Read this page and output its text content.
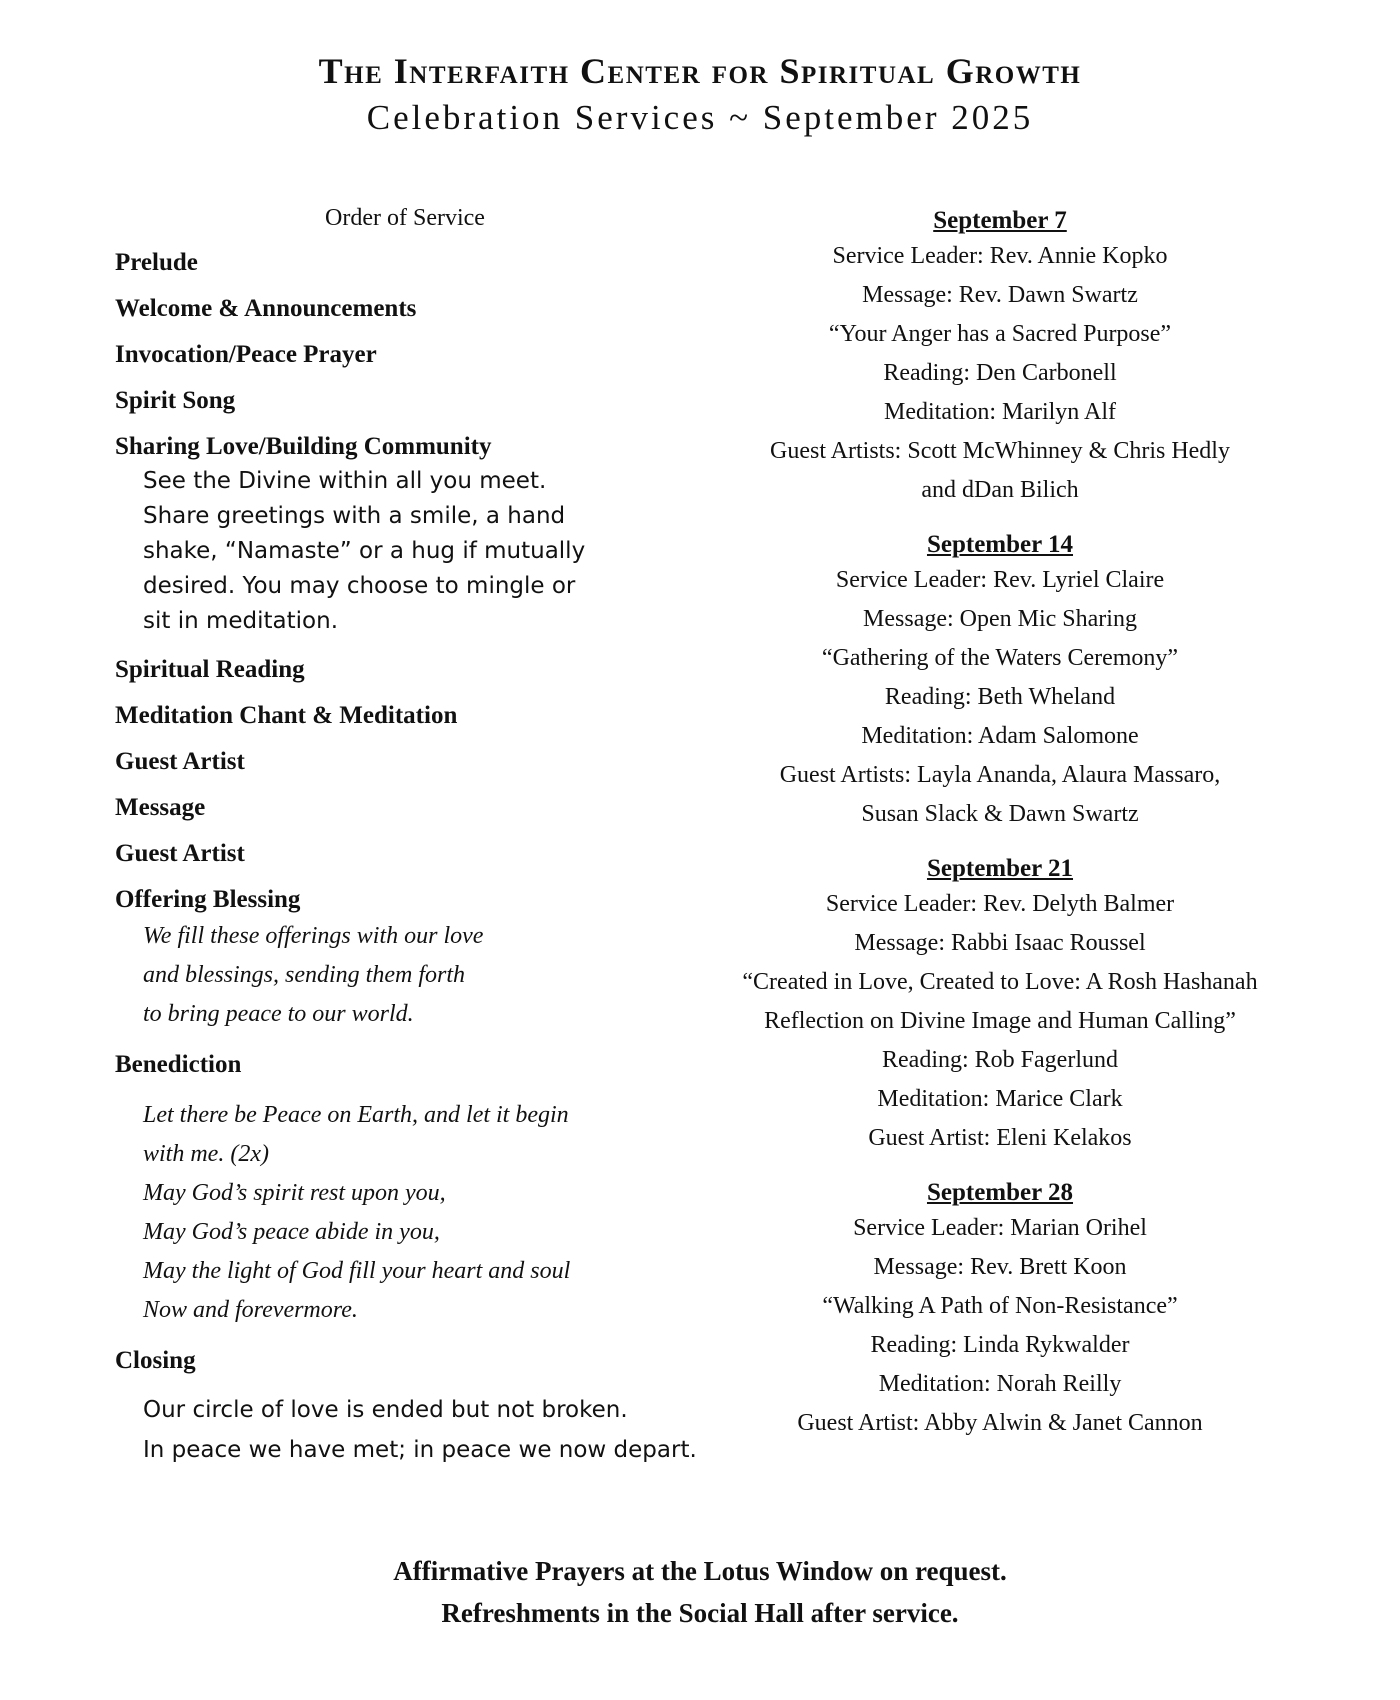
The Interfaith Center for Spiritual Growth
Celebration Services ~ September 2025
Order of Service
Prelude
Welcome & Announcements
Invocation/Peace Prayer
Spirit Song
Sharing Love/Building Community
See the Divine within all you meet.
Share greetings with a smile, a hand
shake, “Namaste” or a hug if mutually
desired. You may choose to mingle or
sit in meditation.
Spiritual Reading
Meditation Chant & Meditation
Guest Artist
Message
Guest Artist
Offering Blessing
We fill these offerings with our love
and blessings, sending them forth
to bring peace to our world.
Benediction
Let there be Peace on Earth, and let it begin
with me. (2x)
May God’s spirit rest upon you,
May God’s peace abide in you,
May the light of God fill your heart and soul
Now and forevermore.
Closing
Our circle of love is ended but not broken.
In peace we have met; in peace we now depart.
September 7
Service Leader: Rev. Annie Kopko
Message: Rev. Dawn Swartz
“Your Anger has a Sacred Purpose”
Reading: Den Carbonell
Meditation: Marilyn Alf
Guest Artists: Scott McWhinney & Chris Hedly
and dDan Bilich
September 14
Service Leader: Rev. Lyriel Claire
Message: Open Mic Sharing
“Gathering of the Waters Ceremony”
Reading: Beth Wheland
Meditation: Adam Salomone
Guest Artists: Layla Ananda, Alaura Massaro,
Susan Slack & Dawn Swartz
September 21
Service Leader: Rev. Delyth Balmer
Message: Rabbi Isaac Roussel
“Created in Love, Created to Love: A Rosh Hashanah
Reflection on Divine Image and Human Calling”
Reading: Rob Fagerlund
Meditation: Marice Clark
Guest Artist: Eleni Kelakos
September 28
Service Leader: Marian Orihel
Message: Rev. Brett Koon
“Walking A Path of Non-Resistance”
Reading: Linda Rykwalder
Meditation: Norah Reilly
Guest Artist: Abby Alwin & Janet Cannon
Affirmative Prayers at the Lotus Window on request.
Refreshments in the Social Hall after service.
